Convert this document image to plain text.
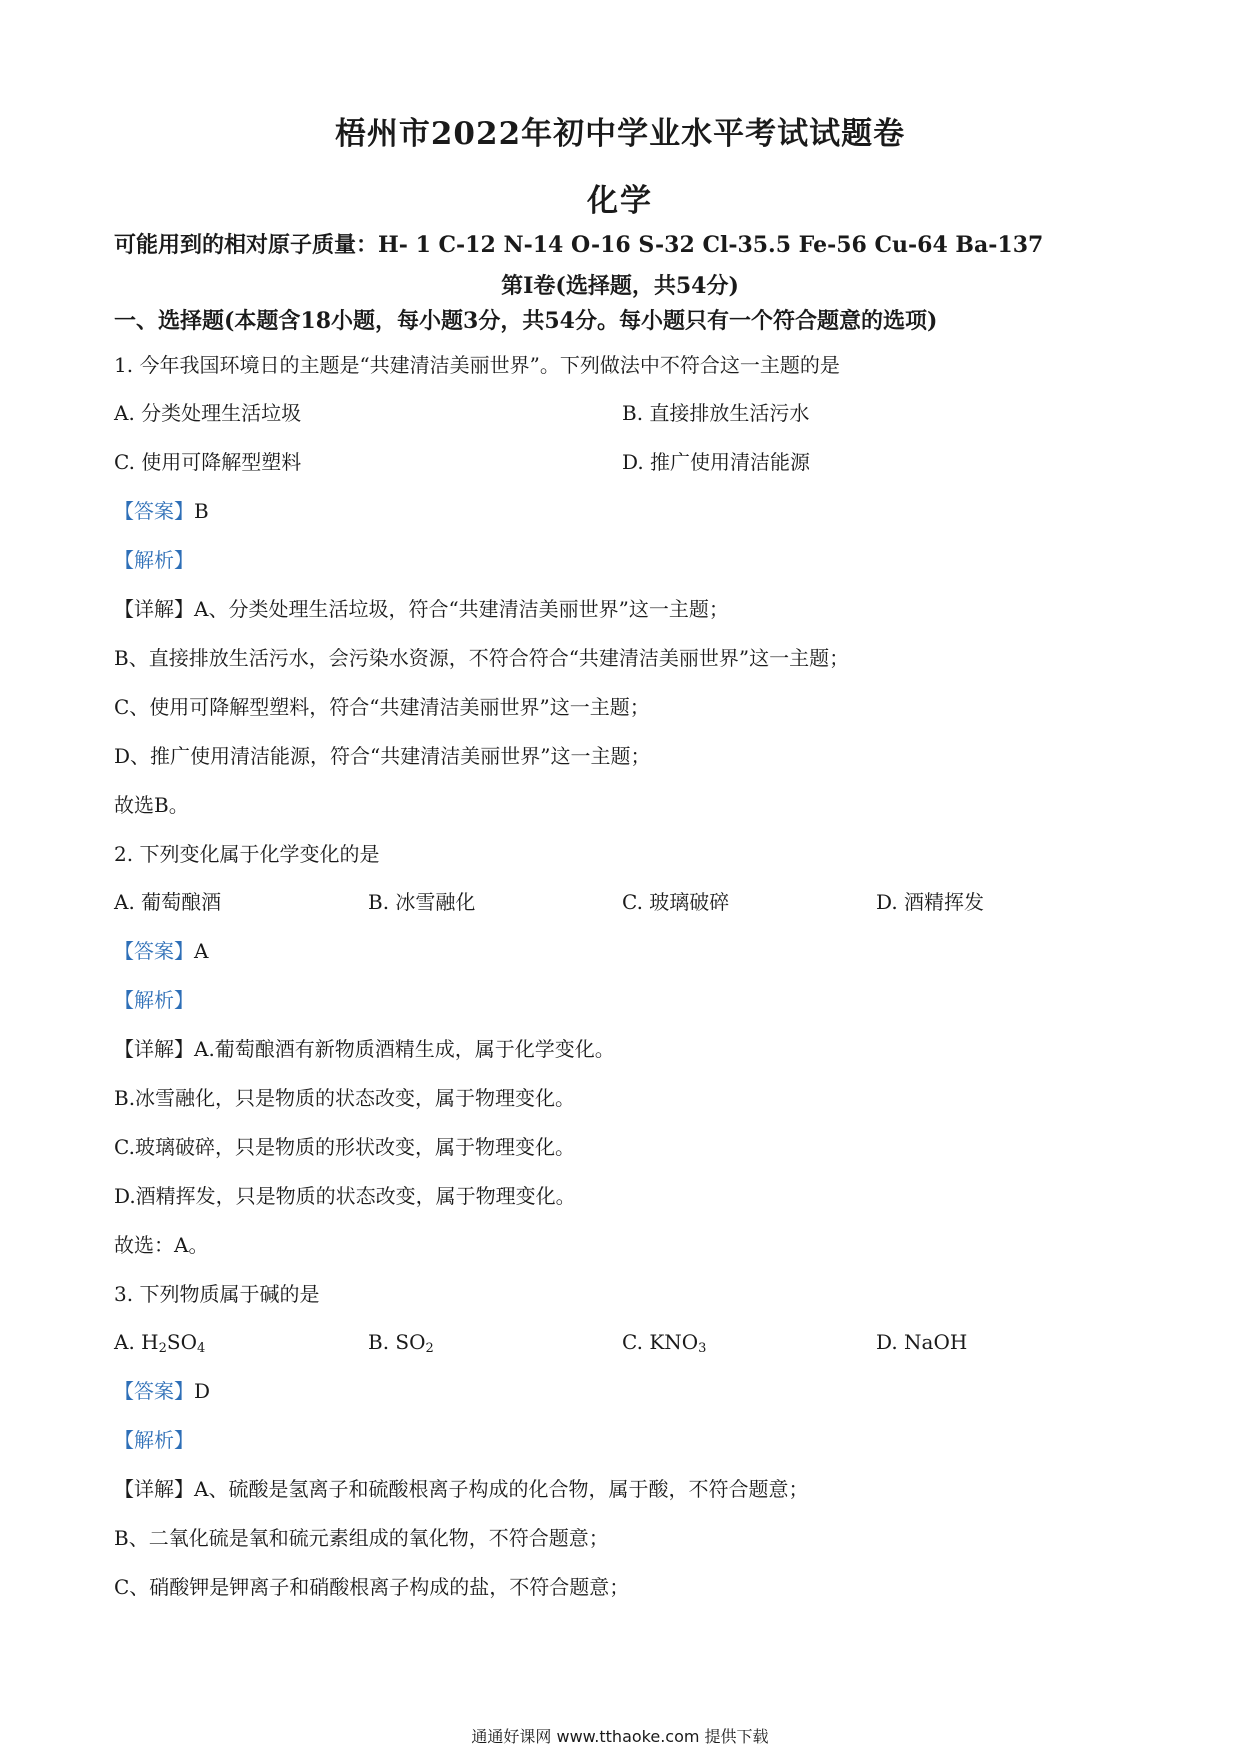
梧州市2022年初中学业水平考试试题卷
化学
可能用到的相对原子质量：H- 1 C-12 N-14 O-16 S-32 Cl-35.5 Fe-56 Cu-64 Ba-137
第Ⅰ卷(选择题，共54分)
一、选择题(本题含18小题，每小题3分，共54分。每小题只有一个符合题意的选项)
1. 今年我国环境日的主题是“共建清洁美丽世界”。下列做法中不符合这一主题的是
A. 分类处理生活垃圾	B. 直接排放生活污水
C. 使用可降解型塑料	D. 推广使用清洁能源
【答案】B
【解析】
【详解】A、分类处理生活垃圾，符合“共建清洁美丽世界”这一主题；
B、直接排放生活污水，会污染水资源，不符合符合“共建清洁美丽世界”这一主题；
C、使用可降解型塑料，符合“共建清洁美丽世界”这一主题；
D、推广使用清洁能源，符合“共建清洁美丽世界”这一主题；
故选B。
2. 下列变化属于化学变化的是
A. 葡萄酿酒	B. 冰雪融化	C. 玻璃破碎	D. 酒精挥发
【答案】A
【解析】
【详解】A.葡萄酿酒有新物质酒精生成，属于化学变化。
B.冰雪融化，只是物质的状态改变，属于物理变化。
C.玻璃破碎，只是物质的形状改变，属于物理变化。
D.酒精挥发，只是物质的状态改变，属于物理变化。
故选：A。
3. 下列物质属于碱的是
A. $H_2SO_4$	B. $SO_2$	C. $KNO_3$	D. NaOH
【答案】D
【解析】
【详解】A、硫酸是氢离子和硫酸根离子构成的化合物，属于酸，不符合题意；
B、二氧化硫是氧和硫元素组成的氧化物，不符合题意；
C、硝酸钾是钾离子和硝酸根离子构成的盐，不符合题意；
通通好课网 www.tthaoke.com 提供下载
